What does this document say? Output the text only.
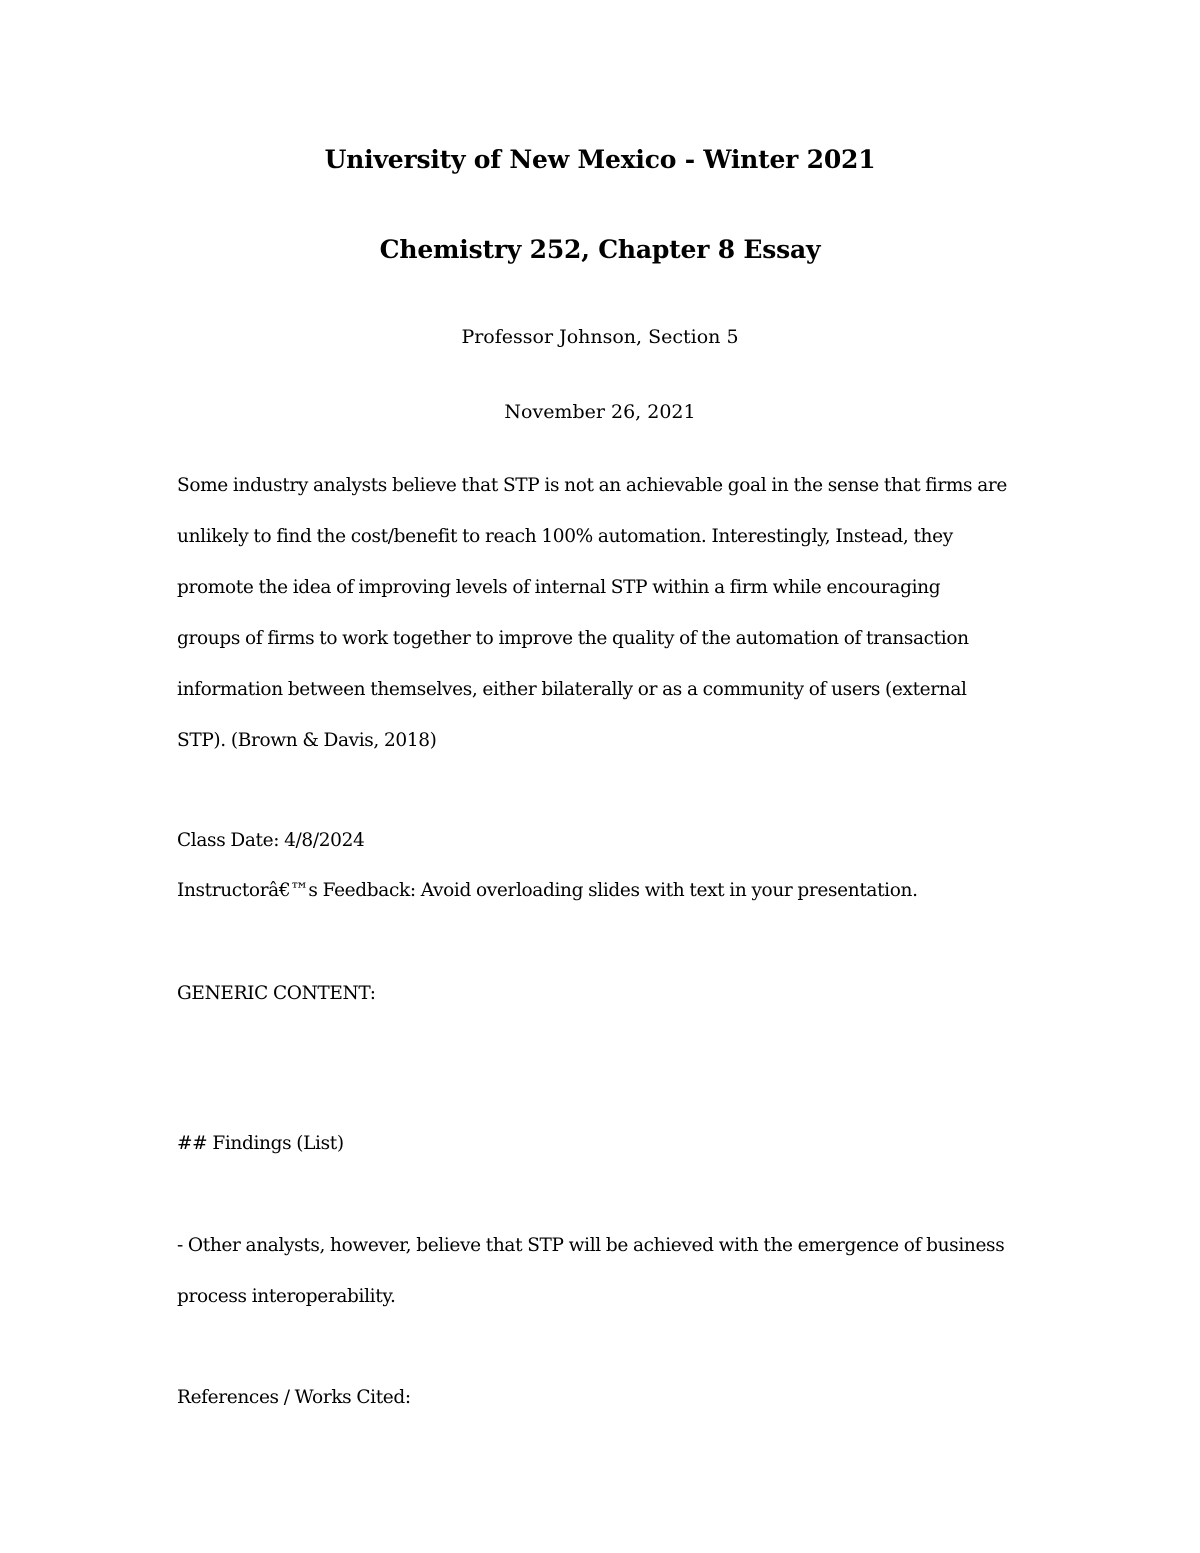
University of New Mexico - Winter 2021

Chemistry 252, Chapter 8 Essay

Professor Johnson, Section 5

November 26, 2021

Some industry analysts believe that STP is not an achievable goal in the sense that firms are

unlikely to find the cost/benefit to reach 100% automation. Interestingly, Instead, they

promote the idea of improving levels of internal STP within a firm while encouraging

groups of firms to work together to improve the quality of the automation of transaction

information between themselves, either bilaterally or as a community of users (external

STP). (Brown & Davis, 2018)

Class Date: 4/8/2024

Instructorâ€™s Feedback: Avoid overloading slides with text in your presentation.

GENERIC CONTENT:

## Findings (List)

- Other analysts, however, believe that STP will be achieved with the emergence of business

process interoperability.

References / Works Cited:
